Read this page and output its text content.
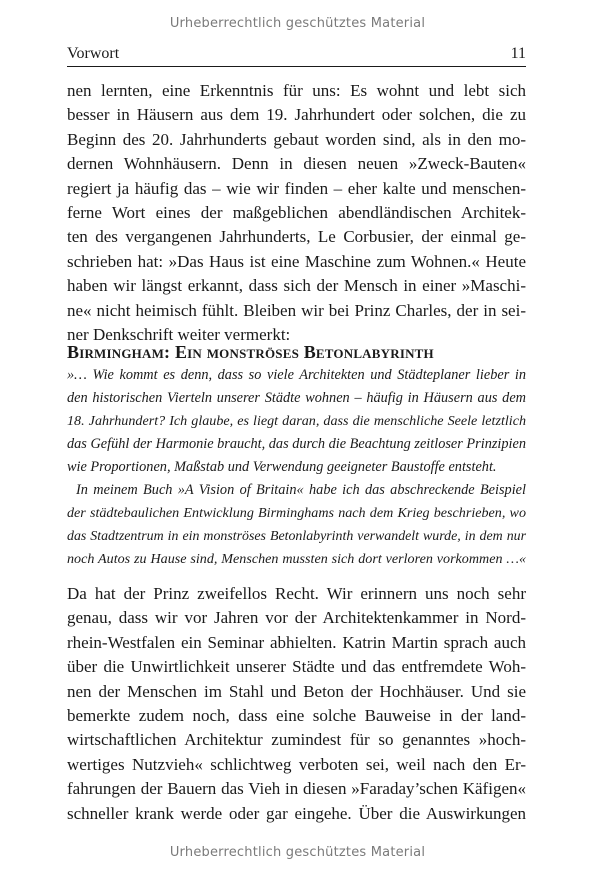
Urheberrechtlich geschütztes Material
Vorwort	11
nen lernten, eine Erkenntnis für uns: Es wohnt und lebt sich
besser in Häusern aus dem 19. Jahrhundert oder solchen, die zu
Beginn des 20. Jahrhunderts gebaut worden sind, als in den mo-
dernen Wohnhäusern. Denn in diesen neuen »Zweck-Bauten«
regiert ja häufig das – wie wir finden – eher kalte und menschen-
ferne Wort eines der maßgeblichen abendländischen Architek-
ten des vergangenen Jahrhunderts, Le Corbusier, der einmal ge-
schrieben hat: »Das Haus ist eine Maschine zum Wohnen.« Heute
haben wir längst erkannt, dass sich der Mensch in einer »Maschi-
ne« nicht heimisch fühlt. Bleiben wir bei Prinz Charles, der in sei-
ner Denkschrift weiter vermerkt:
Birmingham: Ein monströses Betonlabyrinth
»… Wie kommt es denn, dass so viele Architekten und Städteplaner lieber in
den historischen Vierteln unserer Städte wohnen – häufig in Häusern aus dem
18. Jahrhundert? Ich glaube, es liegt daran, dass die menschliche Seele letztlich
das Gefühl der Harmonie braucht, das durch die Beachtung zeitloser Prinzipien
wie Proportionen, Maßstab und Verwendung geeigneter Baustoffe entsteht.
In meinem Buch »A Vision of Britain« habe ich das abschreckende Beispiel
der städtebaulichen Entwicklung Birminghams nach dem Krieg beschrieben, wo
das Stadtzentrum in ein monströses Betonlabyrinth verwandelt wurde, in dem nur
noch Autos zu Hause sind, Menschen mussten sich dort verloren vorkommen …«
Da hat der Prinz zweifellos Recht. Wir erinnern uns noch sehr
genau, dass wir vor Jahren vor der Architektenkammer in Nord-
rhein-Westfalen ein Seminar abhielten. Katrin Martin sprach auch
über die Unwirtlichkeit unserer Städte und das entfremdete Woh-
nen der Menschen im Stahl und Beton der Hochhäuser. Und sie
bemerkte zudem noch, dass eine solche Bauweise in der land-
wirtschaftlichen Architektur zumindest für so genanntes »hoch-
wertiges Nutzvieh« schlichtweg verboten sei, weil nach den Er-
fahrungen der Bauern das Vieh in diesen »Faraday’schen Käfigen«
schneller krank werde oder gar eingehe. Über die Auswirkungen
Urheberrechtlich geschütztes Material
